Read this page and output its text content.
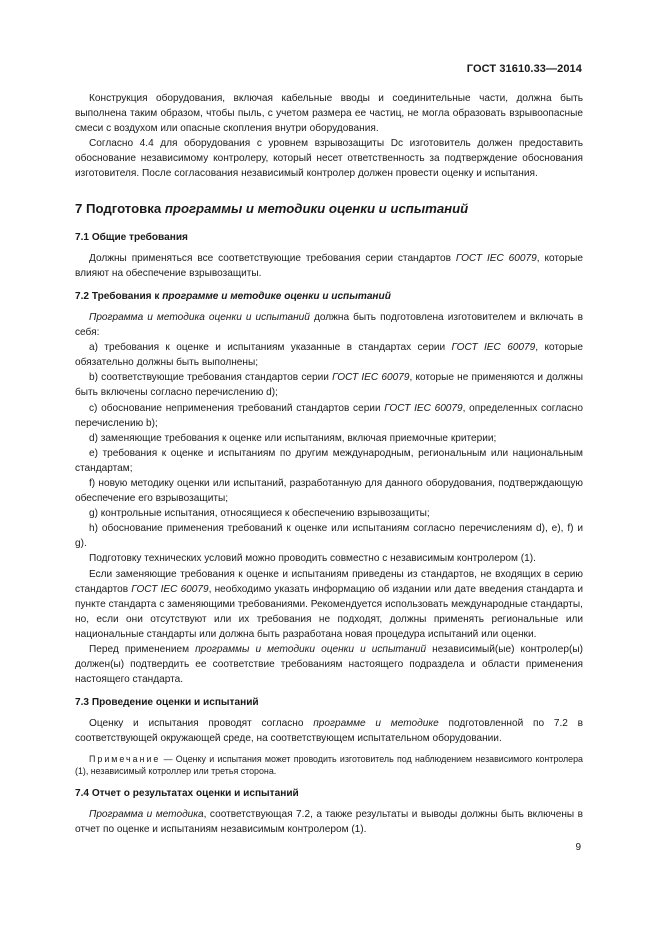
ГОСТ 31610.33—2014

Конструкция оборудования, включая кабельные вводы и соединительные части, должна быть выполнена таким образом, чтобы пыль, с учетом размера ее частиц, не могла образовать взрывоопасные смеси с воздухом или опасные скопления внутри оборудования.

Согласно 4.4 для оборудования с уровнем взрывозащиты Dc изготовитель должен предоставить обоснование независимому контролеру, который несет ответственность за подтверждение обоснования изготовителя. После согласования независимый контролер должен провести оценку и испытания.

7 Подготовка программы и методики оценки и испытаний

7.1 Общие требования

Должны применяться все соответствующие требования серии стандартов ГОСТ IEC 60079, которые влияют на обеспечение взрывозащиты.

7.2 Требования к программе и методике оценки и испытаний

Программа и методика оценки и испытаний должна быть подготовлена изготовителем и включать в себя:

a) требования к оценке и испытаниям указанные в стандартах серии ГОСТ IEC 60079, которые обязательно должны быть выполнены;

b) соответствующие требования стандартов серии ГОСТ IEC 60079, которые не применяются и должны быть включены согласно перечислению d);

c) обоснование неприменения требований стандартов серии ГОСТ IEC 60079, определенных согласно перечислению b);

d) заменяющие требования к оценке или испытаниям, включая приемочные критерии;

e) требования к оценке и испытаниям по другим международным, региональным или национальным стандартам;

f) новую методику оценки или испытаний, разработанную для данного оборудования, подтверждающую обеспечение его взрывозащиты;

g) контрольные испытания, относящиеся к обеспечению взрывозащиты;

h) обоснование применения требований к оценке или испытаниям согласно перечислениям d), e), f) и g).

Подготовку технических условий можно проводить совместно с независимым контролером (1).

Если заменяющие требования к оценке и испытаниям приведены из стандартов, не входящих в серию стандартов ГОСТ IEC 60079, необходимо указать информацию об издании или дате введения стандарта и пункте стандарта с заменяющими требованиями. Рекомендуется использовать международные стандарты, но, если они отсутствуют или их требования не подходят, должны применять региональные или национальные стандарты или должна быть разработана новая процедура испытаний или оценки.

Перед применением программы и методики оценки и испытаний независимый(ые) контролер(ы) должен(ы) подтвердить ее соответствие требованиям настоящего подраздела и области применения настоящего стандарта.

7.3 Проведение оценки и испытаний

Оценку и испытания проводят согласно программе и методике подготовленной по 7.2 в соответствующей окружающей среде, на соответствующем испытательном оборудовании.

Примечание — Оценку и испытания может проводить изготовитель под наблюдением независимого контролера (1), независимый котроллер или третья сторона.

7.4 Отчет о результатах оценки и испытаний

Программа и методика, соответствующая 7.2, а также результаты и выводы должны быть включены в отчет по оценке и испытаниям независимым контролером (1).

9
